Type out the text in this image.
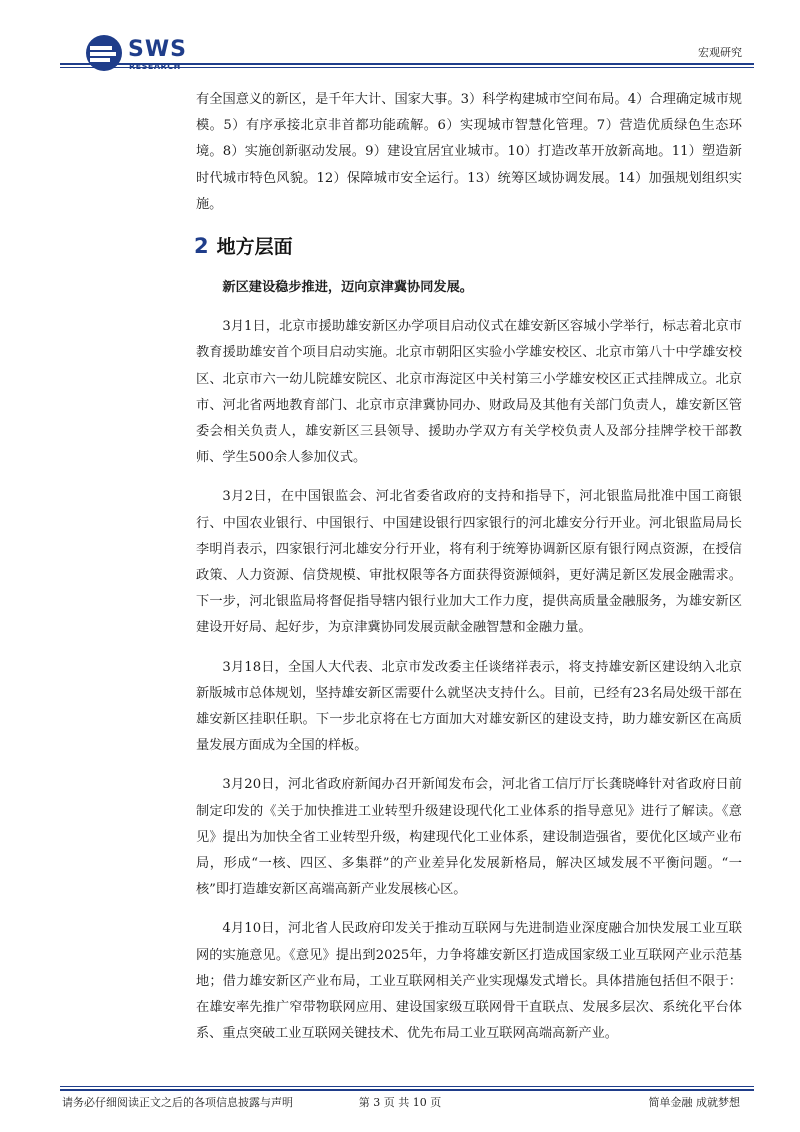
SWS	宏观研究

有全国意义的新区，是千年大计、国家大事。3）科学构建城市空间布局。4）合理确定城市规模。5）有序承接北京非首都功能疏解。6）实现城市智慧化管理。7）营造优质绿色生态环境。8）实施创新驱动发展。9）建设宜居宜业城市。10）打造改革开放新高地。11）塑造新时代城市特色风貌。12）保障城市安全运行。13）统筹区域协调发展。14）加强规划组织实施。

2 地方层面

新区建设稳步推进，迈向京津冀协同发展。

3月1日，北京市援助雄安新区办学项目启动仪式在雄安新区容城小学举行，标志着北京市教育援助雄安首个项目启动实施。北京市朝阳区实验小学雄安校区、北京市第八十中学雄安校区、北京市六一幼儿院雄安院区、北京市海淀区中关村第三小学雄安校区正式挂牌成立。北京市、河北省两地教育部门、北京市京津冀协同办、财政局及其他有关部门负责人，雄安新区管委会相关负责人，雄安新区三县领导、援助办学双方有关学校负责人及部分挂牌学校干部教师、学生500余人参加仪式。

3月2日，在中国银监会、河北省委省政府的支持和指导下，河北银监局批准中国工商银行、中国农业银行、中国银行、中国建设银行四家银行的河北雄安分行开业。河北银监局局长李明肖表示，四家银行河北雄安分行开业，将有利于统筹协调新区原有银行网点资源，在授信政策、人力资源、信贷规模、审批权限等各方面获得资源倾斜，更好满足新区发展金融需求。下一步，河北银监局将督促指导辖内银行业加大工作力度，提供高质量金融服务，为雄安新区建设开好局、起好步，为京津冀协同发展贡献金融智慧和金融力量。

3月18日，全国人大代表、北京市发改委主任谈绪祥表示，将支持雄安新区建设纳入北京新版城市总体规划，坚持雄安新区需要什么就坚决支持什么。目前，已经有23名局处级干部在雄安新区挂职任职。下一步北京将在七方面加大对雄安新区的建设支持，助力雄安新区在高质量发展方面成为全国的样板。

3月20日，河北省政府新闻办召开新闻发布会，河北省工信厅厅长龚晓峰针对省政府日前制定印发的《关于加快推进工业转型升级建设现代化工业体系的指导意见》进行了解读。《意见》提出为加快全省工业转型升级，构建现代化工业体系，建设制造强省，要优化区域产业布局，形成“一核、四区、多集群”的产业差异化发展新格局，解决区域发展不平衡问题。“一核”即打造雄安新区高端高新产业发展核心区。

4月10日，河北省人民政府印发关于推动互联网与先进制造业深度融合加快发展工业互联网的实施意见。《意见》提出到2025年，力争将雄安新区打造成国家级工业互联网产业示范基地；借力雄安新区产业布局，工业互联网相关产业实现爆发式增长。具体措施包括但不限于：在雄安率先推广窄带物联网应用、建设国家级互联网骨干直联点、发展多层次、系统化平台体系、重点突破工业互联网关键技术、优先布局工业互联网高端高新产业。

请务必仔细阅读正文之后的各项信息披露与声明	第 3 页 共 10 页	简单金融 成就梦想
